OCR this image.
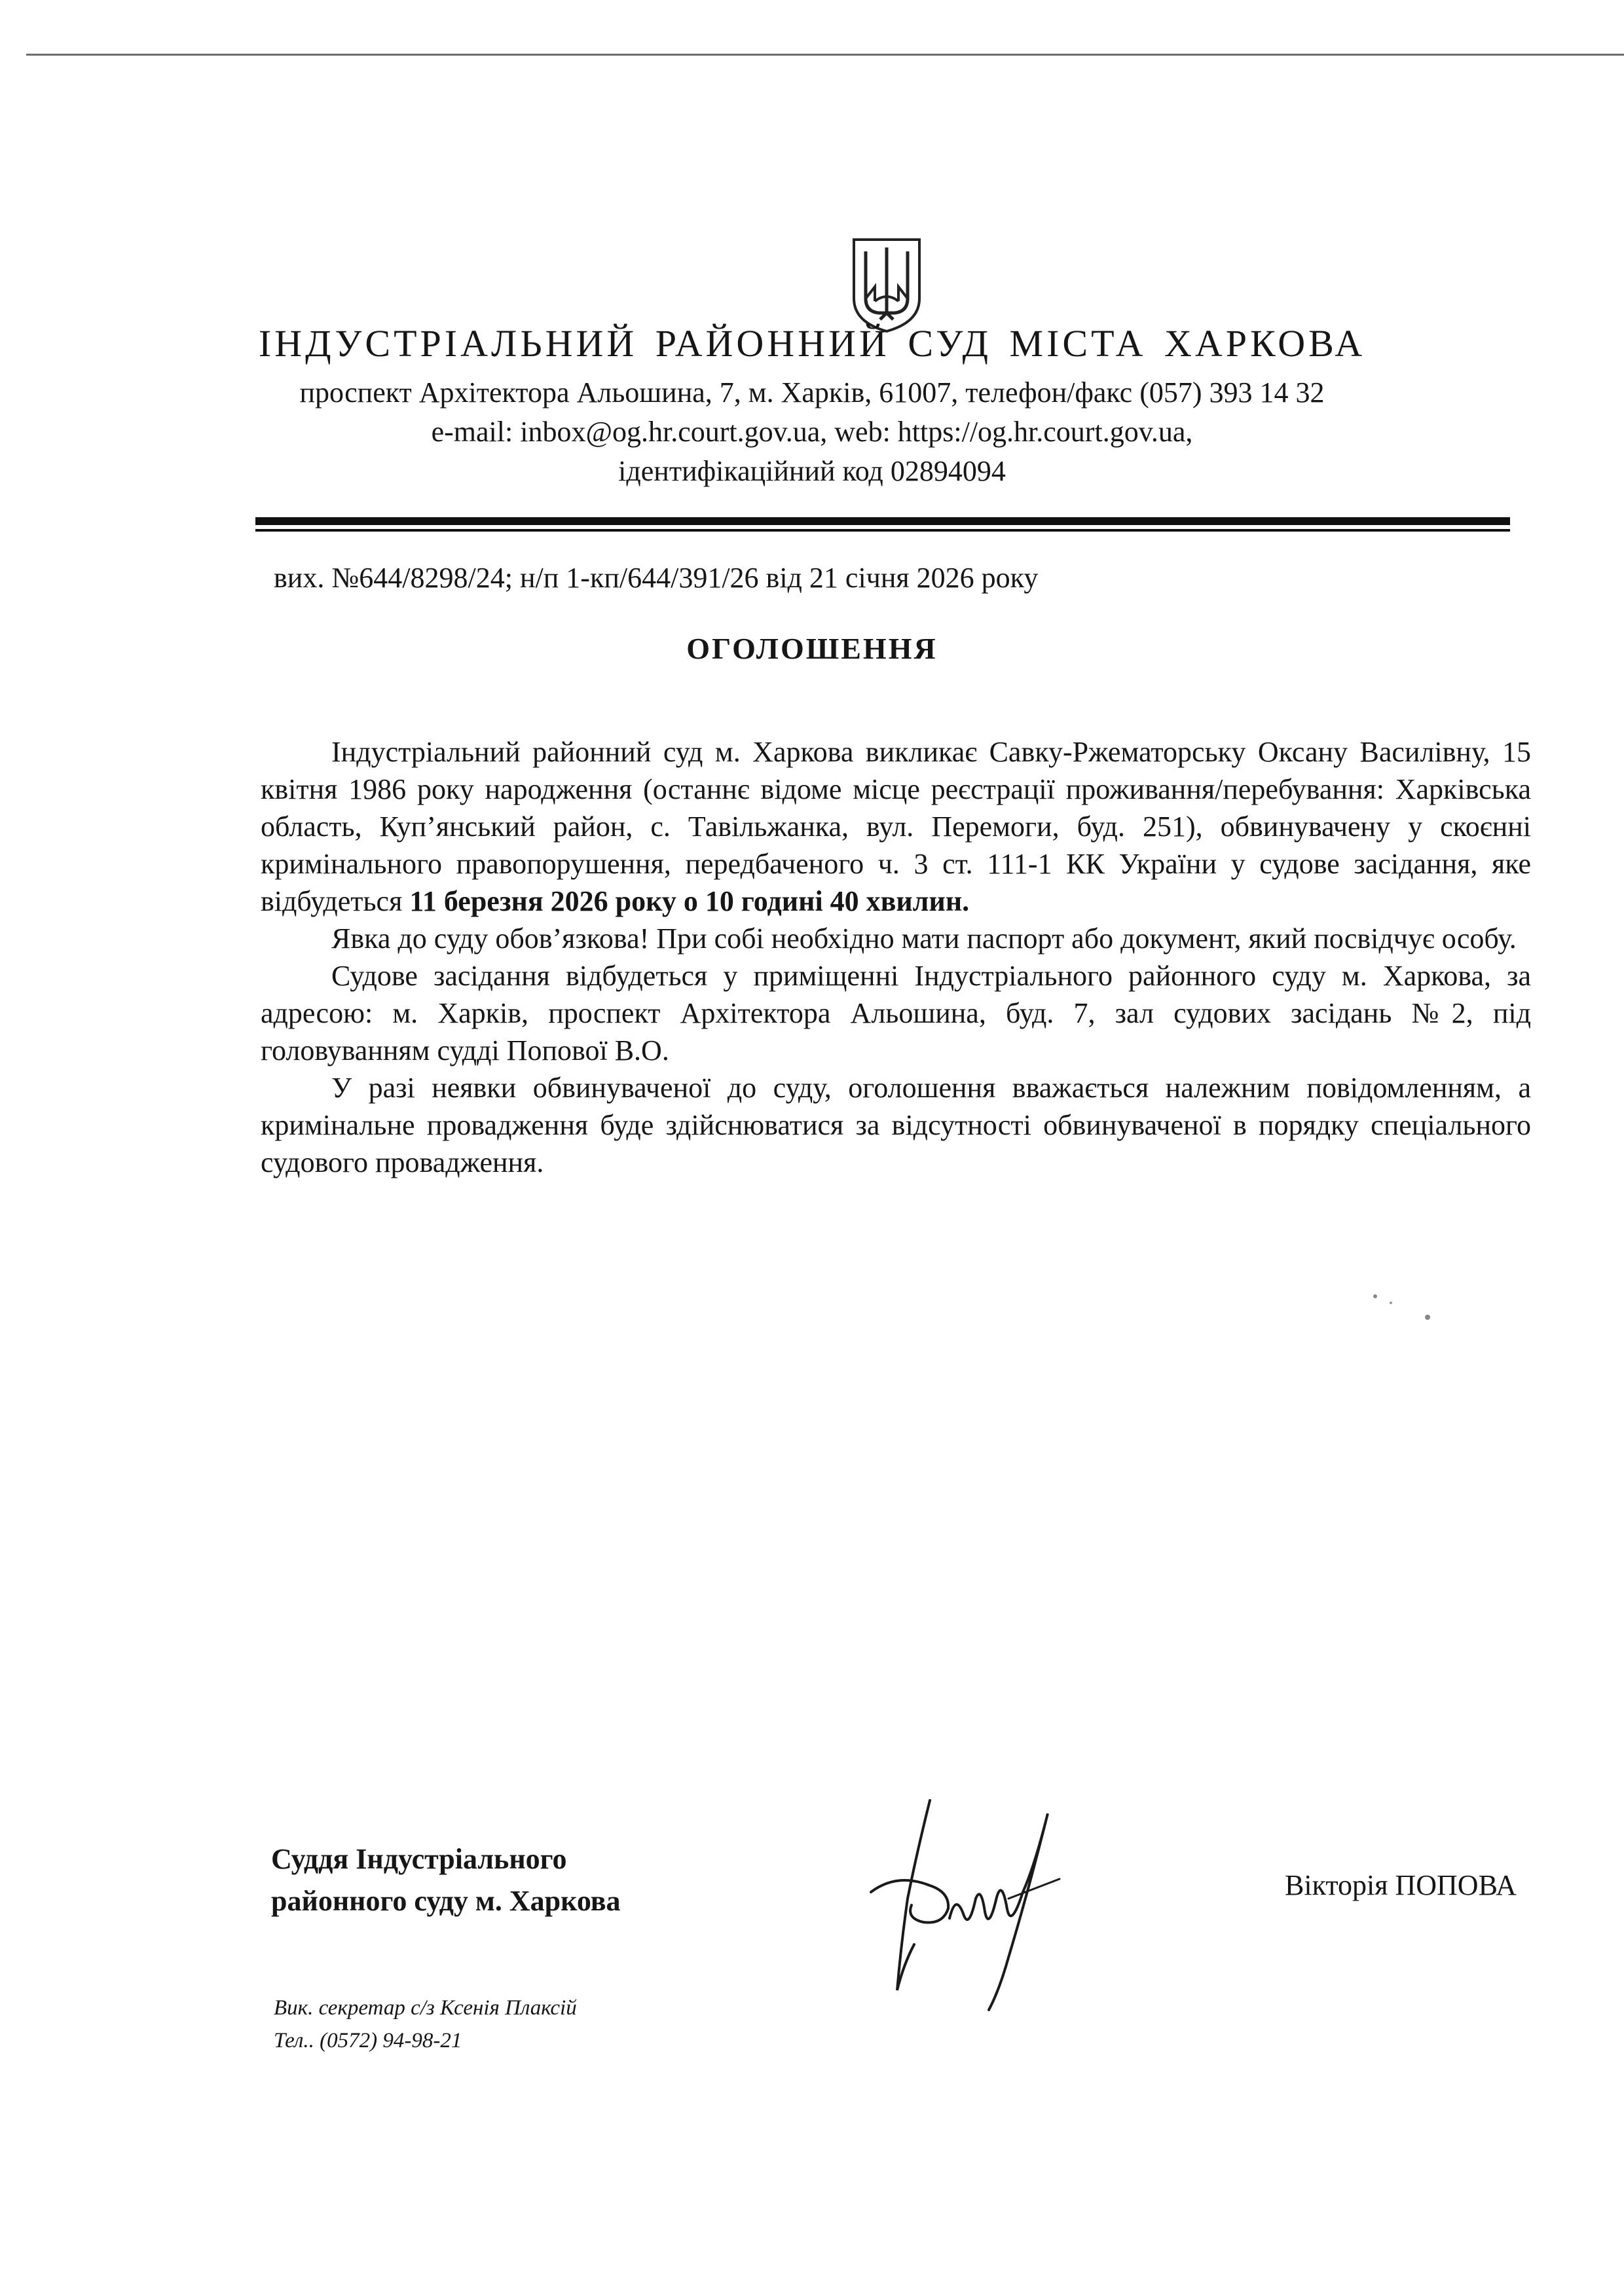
ІНДУСТРІАЛЬНИЙ РАЙОННИЙ СУД МІСТА ХАРКОВА
проспект Архітектора Альошина, 7, м. Харків, 61007, телефон/факс (057) 393 14 32
e-mail: inbox@og.hr.court.gov.ua, web: https://og.hr.court.gov.ua,
ідентифікаційний код 02894094
вих. №644/8298/24; н/п 1-кп/644/391/26 від 21 січня 2026 року
ОГОЛОШЕННЯ

Індустріальний районний суд м. Харкова викликає Савку-Ржематорську Оксану Василівну, 15 квітня 1986 року народження (останнє відоме місце реєстрації проживання/перебування: Харківська область, Куп’янський район, с. Тавільжанка, вул. Перемоги, буд. 251), обвинувачену у скоєнні кримінального правопорушення, передбаченого ч. 3 ст. 111-1 КК України у судове засідання, яке відбудеться 11 березня 2026 року о 10 годині 40 хвилин.

Явка до суду обов’язкова! При собі необхідно мати паспорт або документ, який посвідчує особу.

Судове засідання відбудеться у приміщенні Індустріального районного суду м. Харкова, за адресою: м. Харків, проспект Архітектора Альошина, буд. 7, зал судових засідань №2, під головуванням судді Попової В.О.

У разі неявки обвинуваченої до суду, оголошення вважається належним повідомленням, а кримінальне провадження буде здійснюватися за відсутності обвинуваченої в порядку спеціального судового провадження.

Суддя Індустріального
районного суду м. Харкова	Вікторія ПОПОВА
Вик. секретар с/з Ксенія Плаксій
Тел.. (0572) 94-98-21
